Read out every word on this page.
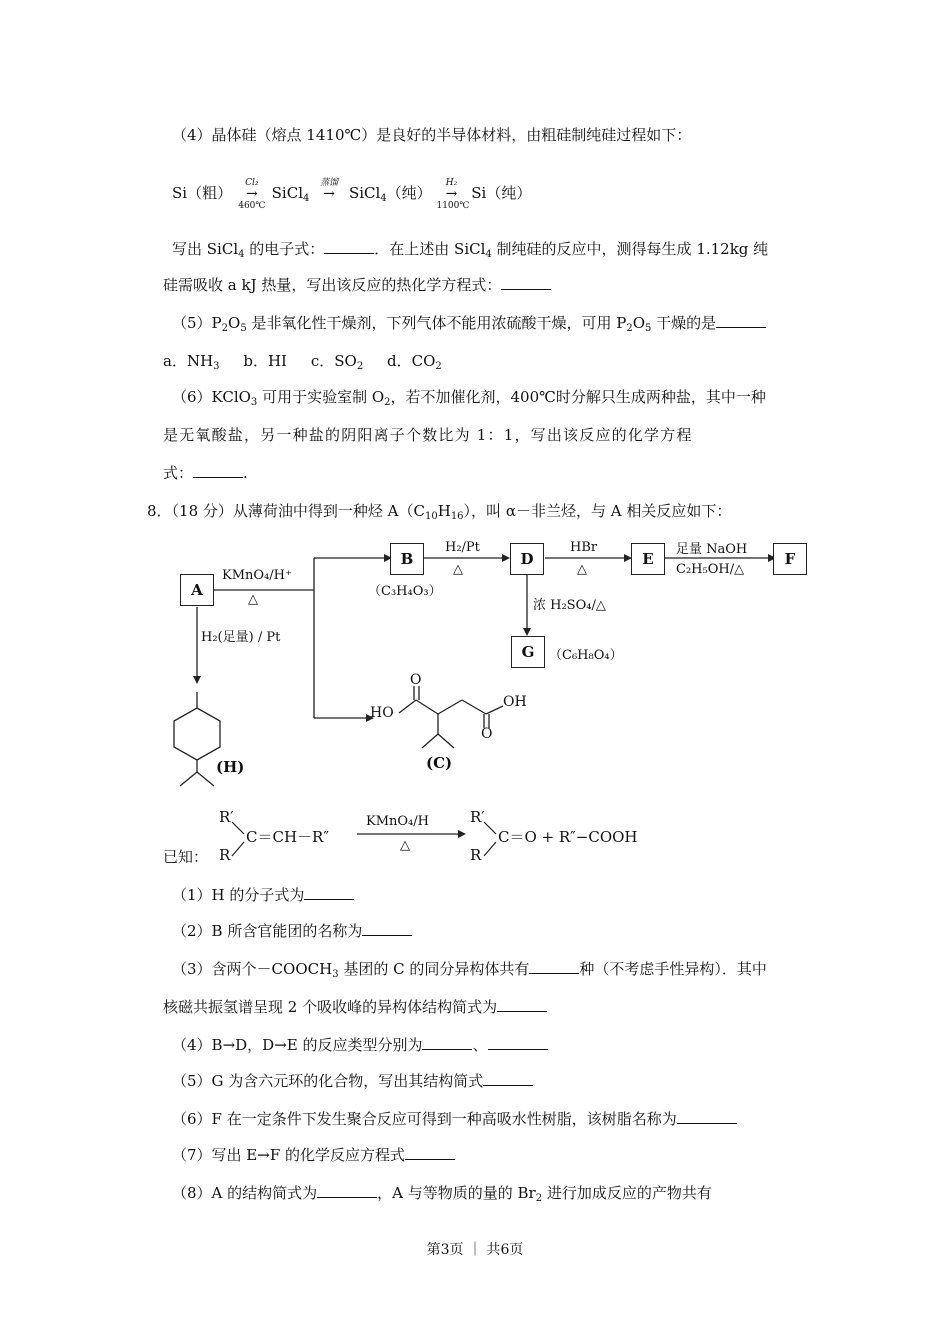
（4）晶体硅（熔点 1410℃）是良好的半导体材料，由粗硅制纯硅过程如下：
Si（粗）
Cl₂
→
460℃
SiCl$_4$
蒸馏
→ SiCl$_4$（纯）
H₂
→
1100℃
Si（纯）
写出 SiCl$_4$ 的电子式：	．在上述由 SiCl$_4$ 制纯硅的反应中，测得每生成 1.12kg 纯
硅需吸收 a kJ 热量，写出该反应的热化学方程式：
$(5)P_2O_5$ 是非氧化性干燥剂，下列气体不能用浓硫酸干燥，可用 $P_2O_5$ 干燥的是
a．$NH_3$ b．HI c．$SO_2$ d．$CO_2$
（6）KClO$_3$ 可用于实验室制 $O_2$，若不加催化剂，400℃时分解只生成两种盐，其中一种
是无氧酸盐，另一种盐的阴阳离子个数比为 1：1，写出该反应的化学方程
式：	.
8．（18 分）从薄荷油中得到一种烃 $A(C_{10}H_{16})$，叫 α－非兰烃，与 A 相关反应如下：
A
B	D	E	F
G
KMnO₄/H⁺
△
（C₃H₄O₃）
H₂/Pt
△
HBr
△
足量 NaOH
C₂H₅OH/△
浓 H₂SO₄/△
（C₆H₈O₄）
H₂(足量) / Pt
(H)	(C)
HO
O
OH
O
已知：
R′
R
C＝CH－R″
KMnO₄/H
△
R′
R
C＝O + R″−COOH
（1）H 的分子式为
（2）B 所含官能团的名称为
（3）含两个$-COOCH_3$ 基团的 C 的同分异构体共有	种（不考虑手性异构）．其中
核磁共振氢谱呈现 2 个吸收峰的异构体结构简式为
（4）B→D，D→E 的反应类型分别为	、
（5）G 为含六元环的化合物，写出其结构简式
（6）F 在一定条件下发生聚合反应可得到一种高吸水性树脂，该树脂名称为
（7）写出 E→F 的化学反应方程式
（8）A 的结构简式为	，A 与等物质的量的 $Br_2$ 进行加成反应的产物共有
第3页 ｜ 共6页
